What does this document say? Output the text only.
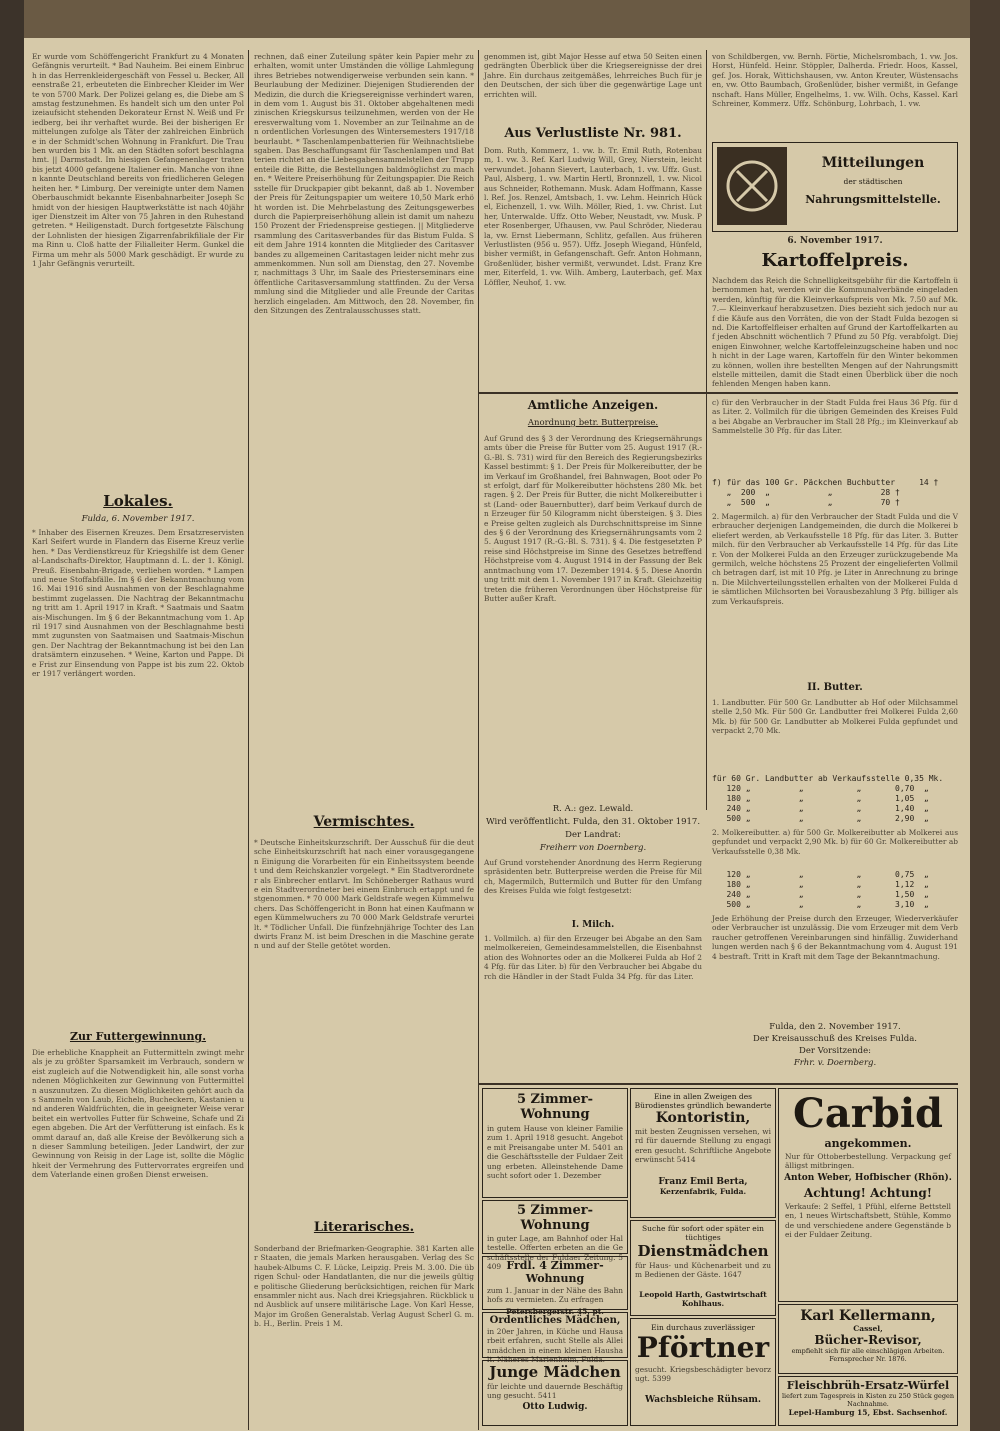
Er wurde vom Schöffengericht Frankfurt zu 4 Monaten Gefängnis verurteilt. * Bad Nauheim. Bei einem Einbruch in das Herrenkleidergeschäft von Fessel u. Becker, Alleenstraße 21, erbeuteten die Einbrecher Kleider im Werte von 5700 Mark. Der Polizei gelang es, die Diebe am Samstag festzunehmen. Es handelt sich um den unter Polizeiaufsicht stehenden Dekorateur Ernst N. Weiß und Friedberg, bei ihr verhaftet wurde. Bei der bisherigen Ermittelungen zufolge als Täter der zahlreichen Einbrüche in der Schmidt'schen Wohnung in Frankfurt. Die Trauben wurden bis 1 Mk. an den Städten sofort beschlagnahmt. || Darmstadt. Im hiesigen Gefangenenlager traten bis jetzt 4000 gefangene Italiener ein. Manche von ihnen kannte Deutschland bereits von friedlicheren Gelegenheiten her. * Limburg. Der vereinigte unter dem Namen Oberbauschmidt bekannte Eisenbahnarbeiter Joseph Schmidt von der hiesigen Hauptwerkstätte ist nach 40jähriger Dienstzeit im Alter von 75 Jahren in den Ruhestand getreten. * Heiligenstadt. Durch fortgesetzte Fälschung der Lohnlisten der hiesigen Zigarrenfabrikfiliale der Firma Rinn u. Cloß hatte der Filialleiter Herm. Gunkel die Firma um mehr als 5000 Mark geschädigt. Er wurde zu 1 Jahr Gefängnis verurteilt.
Lokales.
Fulda, 6. November 1917.
* Inhaber des Eisernen Kreuzes. Dem Ersatzreservisten Karl Seifert wurde in Flandern das Eiserne Kreuz verliehen. * Das Verdienstkreuz für Kriegshilfe ist dem General-Landschafts-Direktor, Hauptmann d. L. der 1. Königl. Preuß. Eisenbahn-Brigade, verliehen worden. * Lampen und neue Stoffabfälle. Im § 6 der Bekanntmachung vom 16. Mai 1916 sind Ausnahmen von der Beschlagnahme bestimmt zugelassen. Die Nachtrag der Bekanntmachung tritt am 1. April 1917 in Kraft. * Saatmais und Saatmais-Mischungen. Im § 6 der Bekanntmachung vom 1. April 1917 sind Ausnahmen von der Beschlagnahme bestimmt zugunsten von Saatmaisen und Saatmais-Mischungen. Der Nachtrag der Bekanntmachung ist bei den Landratsämtern einzusehen. * Weine, Karton und Pappe. Die Frist zur Einsendung von Pappe ist bis zum 22. Oktober 1917 verlängert worden.
Zur Futtergewinnung.
Die erhebliche Knappheit an Futtermitteln zwingt mehr als je zu größter Sparsamkeit im Verbrauch, sondern weist zugleich auf die Notwendigkeit hin, alle sonst vorhandenen Möglichkeiten zur Gewinnung von Futtermitteln auszunutzen. Zu diesen Möglichkeiten gehört auch das Sammeln von Laub, Eicheln, Bucheckern, Kastanien und anderen Waldfrüchten, die in geeigneter Weise verarbeitet ein wertvolles Futter für Schweine, Schafe und Ziegen abgeben. Die Art der Verfütterung ist einfach. Es kommt darauf an, daß alle Kreise der Bevölkerung sich an dieser Sammlung beteiligen. Jeder Landwirt, der zur Gewinnung von Reisig in der Lage ist, sollte die Möglichkeit der Vermehrung des Futtervorrates ergreifen und dem Vaterlande einen großen Dienst erweisen.
rechnen, daß einer Zuteilung später kein Papier mehr zu erhalten, womit unter Umständen die völlige Lahmlegung ihres Betriebes notwendigerweise verbunden sein kann. * Beurlaubung der Mediziner. Diejenigen Studierenden der Medizin, die durch die Kriegsereignisse verhindert waren, in dem vom 1. August bis 31. Oktober abgehaltenen medizinischen Kriegskursus teilzunehmen, werden von der Heeresverwaltung vom 1. November an zur Teilnahme an den ordentlichen Vorlesungen des Wintersemesters 1917/18 beurlaubt. * Taschenlampenbatterien für Weihnachtsliebesgaben. Das Beschaffungsamt für Taschenlampen und Batterien richtet an die Liebesgabensammelstellen der Truppenteile die Bitte, die Bestellungen baldmöglichst zu machen. * Weitere Preiserhöhung für Zeitungspapier. Die Reichsstelle für Druckpapier gibt bekannt, daß ab 1. November der Preis für Zeitungspapier um weitere 10,50 Mark erhöht worden ist. Die Mehrbelastung des Zeitungsgewerbes durch die Papierpreiserhöhung allein ist damit um nahezu 150 Prozent der Friedenspreise gestiegen. || Mitgliederversammlung des Caritasverbandes für das Bistum Fulda. Seit dem Jahre 1914 konnten die Mitglieder des Caritasverbandes zu allgemeinen Caritastagen leider nicht mehr zusammenkommen. Nun soll am Dienstag, den 27. November, nachmittags 3 Uhr, im Saale des Priesterseminars eine öffentliche Caritasversammlung stattfinden. Zu der Versammlung sind die Mitglieder und alle Freunde der Caritas herzlich eingeladen. Am Mittwoch, den 28. November, finden Sitzungen des Zentralausschusses statt.
Vermischtes.
* Deutsche Einheitskurzschrift. Der Ausschuß für die deutsche Einheitskurzschrift hat nach einer vorausgegangenen Einigung die Vorarbeiten für ein Einheitssystem beendet und dem Reichskanzler vorgelegt. * Ein Stadtverordneter als Einbrecher entlarvt. Im Schöneberger Rathaus wurde ein Stadtverordneter bei einem Einbruch ertappt und festgenommen. * 70 000 Mark Geldstrafe wegen Kümmelwuchers. Das Schöffengericht in Bonn hat einen Kaufmann wegen Kümmelwuchers zu 70 000 Mark Geldstrafe verurteilt. * Tödlicher Unfall. Die fünfzehnjährige Tochter des Landwirts Franz M. ist beim Dreschen in die Maschine geraten und auf der Stelle getötet worden.
Literarisches.
Sonderband der Briefmarken-Geographie. 381 Karten aller Staaten, die jemals Marken herausgaben. Verlag des Schaubek-Albums C. F. Lücke, Leipzig. Preis M. 3.00. Die übrigen Schul- oder Handatlanten, die nur die jeweils gültige politische Gliederung berücksichtigen, reichen für Markensammler nicht aus. Nach drei Kriegsjahren. Rückblick und Ausblick auf unsere militärische Lage. Von Karl Hesse, Major im Großen Generalstab. Verlag August Scherl G. m. b. H., Berlin. Preis 1 M.
genommen ist, gibt Major Hesse auf etwa 50 Seiten einen gedrängten Überblick über die Kriegsereignisse der drei Jahre. Ein durchaus zeitgemäßes, lehrreiches Buch für jeden Deutschen, der sich über die gegenwärtige Lage unterrichten will.
Aus Verlustliste Nr. 981.
Dom. Ruth, Kommerz, 1. vw. b. Tr. Emil Ruth, Rotenbaum, 1. vw. 3. Ref. Karl Ludwig Will, Grey, Nierstein, leicht verwundet. Johann Sievert, Lauterbach, 1. vw. Uffz. Gust. Paul, Alsberg, 1. vw. Martin Hertl, Bronnzell, 1. vw. Nicolaus Schneider, Rothemann. Musk. Adam Hoffmann, Kassel. Ref. Jos. Renzel, Amtsbach, 1. vw. Lehm. Heinrich Hückel, Eichenzell, 1. vw. Wilh. Möller, Ried, 1. vw. Christ. Luther, Unterwalde. Uffz. Otto Weber, Neustadt, vw. Musk. Peter Rosenberger, Ufhausen, vw. Paul Schröder, Niederaula, vw. Ernst Liebermann, Schlitz, gefallen. Aus früheren Verlustlisten (956 u. 957). Uffz. Joseph Wiegand, Hünfeld, bisher vermißt, in Gefangenschaft. Gefr. Anton Hohmann, Großenlüder, bisher vermißt, verwundet. Ldst. Franz Kremer, Eiterfeld, 1. vw. Wilh. Amberg, Lauterbach, gef. Max Löffler, Neuhof, 1. vw.
Amtliche Anzeigen.
Anordnung betr. Butterpreise.
Auf Grund des § 3 der Verordnung des Kriegsernährungsamts über die Preise für Butter vom 25. August 1917 (R.-G.-Bl. S. 731) wird für den Bereich des Regierungsbezirks Kassel bestimmt: § 1. Der Preis für Molkereibutter, der beim Verkauf im Großhandel, frei Bahnwagen, Boot oder Post erfolgt, darf für Molkereibutter höchstens 280 Mk. betragen. § 2. Der Preis für Butter, die nicht Molkereibutter ist (Land- oder Bauernbutter), darf beim Verkauf durch den Erzeuger für 50 Kilogramm nicht übersteigen. § 3. Diese Preise gelten zugleich als Durchschnittspreise im Sinne des § 6 der Verordnung des Kriegsernährungsamts vom 25. August 1917 (R.-G.-Bl. S. 731). § 4. Die festgesetzten Preise sind Höchstpreise im Sinne des Gesetzes betreffend Höchstpreise vom 4. August 1914 in der Fassung der Bekanntmachung vom 17. Dezember 1914. § 5. Diese Anordnung tritt mit dem 1. November 1917 in Kraft. Gleichzeitig treten die früheren Verordnungen über Höchstpreise für Butter außer Kraft.
R. A.: gez. Lewald.
Wird veröffentlicht. Fulda, den 31. Oktober 1917.
Der Landrat:
Freiherr von Doernberg.
Auf Grund vorstehender Anordnung des Herrn Regierungspräsidenten betr. Butterpreise werden die Preise für Milch, Magermilch, Buttermilch und Butter für den Umfang des Kreises Fulda wie folgt festgesetzt:
I. Milch.
1. Vollmilch. a) für den Erzeuger bei Abgabe an den Sammelmolkereien, Gemeindesammelstellen, die Eisenbahnstation des Wohnortes oder an die Molkerei Fulda ab Hof 24 Pfg. für das Liter. b) für den Verbraucher bei Abgabe durch die Händler in der Stadt Fulda 34 Pfg. für das Liter.
von Schildbergen, vw. Bernh. Förtie, Michelsrombach, 1. vw. Jos. Horst, Hünfeld. Heinr. Stöppler, Dalherda. Friedr. Hoos, Kassel, gef. Jos. Horak, Wittichshausen, vw. Anton Kreuter, Wüstensachsen, vw. Otto Baumbach, Großenlüder, bisher vermißt, in Gefangenschaft. Hans Müller, Engelhelms, 1. vw. Wilh. Ochs, Kassel. Karl Schreiner, Kommerz. Uffz. Schönburg, Lohrbach, 1. vw.
Mitteilungen
der städtischen
Nahrungsmittelstelle.
6. November 1917.
Kartoffelpreis.
Nachdem das Reich die Schnelligkeitsgebühr für die Kartoffeln übernommen hat, werden wir die Kommunalverbände eingeladen werden, künftig für die Kleinverkaufspreis von Mk. 7.50 auf Mk. 7.— Kleinverkauf herabzusetzen. Dies bezieht sich jedoch nur auf die Käufe aus den Vorräten, die von der Stadt Fulda bezogen sind. Die Kartoffelfleiser erhalten auf Grund der Kartoffelkarten auf jeden Abschnitt wöchentlich 7 Pfund zu 50 Pfg. verabfolgt. Diejenigen Einwohner, welche Kartoffeleinzugscheine haben und noch nicht in der Lage waren, Kartoffeln für den Winter bekommen zu können, wollen ihre bestellten Mengen auf der Nahrungsmittelstelle mitteilen, damit die Stadt einen Überblick über die noch fehlenden Mengen haben kann.
c) für den Verbraucher in der Stadt Fulda frei Haus 36 Pfg. für das Liter. 2. Vollmilch für die übrigen Gemeinden des Kreises Fulda bei Abgabe an Verbraucher im Stall 28 Pfg.; im Kleinverkauf ab Sammelstelle 30 Pfg. für das Liter.
f) für das 100 Gr. Päckchen Buchbutter     14 †
„  200  „            „          28 †
„  500  „            „          70 †
2. Magermilch. a) für den Verbraucher der Stadt Fulda und die Verbraucher derjenigen Landgemeinden, die durch die Molkerei beliefert werden, ab Verkaufsstelle 18 Pfg. für das Liter. 3. Buttermilch. für den Verbraucher ab Verkaufsstelle 14 Pfg. für das Liter. Von der Molkerei Fulda an den Erzeuger zurückzugebende Magermilch, welche höchstens 25 Prozent der eingelieferten Vollmilch betragen darf, ist mit 10 Pfg. je Liter in Anrechnung zu bringen. Die Milchverteilungsstellen erhalten von der Molkerei Fulda die sämtlichen Milchsorten bei Vorausbezahlung 3 Pfg. billiger als zum Verkaufspreis.
II. Butter.
1. Landbutter. Für 500 Gr. Landbutter ab Hof oder Milchsammelstelle 2,50 Mk. Für 500 Gr. Landbutter frei Molkerei Fulda 2,60 Mk. b) für 500 Gr. Landbutter ab Molkerei Fulda gepfundet und verpackt 2,70 Mk.
für 60 Gr. Landbutter ab Verkaufsstelle 0,35 Mk.
120 „          „           „       0,70  „
180 „          „           „       1,05  „
240 „          „           „       1,40  „
500 „          „           „       2,90  „
2. Molkereibutter. a) für 500 Gr. Molkereibutter ab Molkerei ausgepfundet und verpackt 2,90 Mk. b) für 60 Gr. Molkereibutter ab Verkaufsstelle 0,38 Mk.
120 „          „           „       0,75  „
180 „          „           „       1,12  „
240 „          „           „       1,50  „
500 „          „           „       3,10  „
Jede Erhöhung der Preise durch den Erzeuger, Wiederverkäufer oder Verbraucher ist unzulässig. Die vom Erzeuger mit dem Verbraucher getroffenen Vereinbarungen sind hinfällig. Zuwiderhandlungen werden nach § 6 der Bekanntmachung vom 4. August 1914 bestraft. Tritt in Kraft mit dem Tage der Bekanntmachung.
Fulda, den 2. November 1917.
Der Kreisausschuß des Kreises Fulda.
Der Vorsitzende:
Frhr. v. Doernberg.
5 Zimmer-Wohnung
in gutem Hause von kleiner Familie zum 1. April 1918 gesucht. Angebote mit Preisangabe unter M. 5401 an die Geschäftsstelle der Fuldaer Zeitung erbeten. Alleinstehende Dame sucht sofort oder 1. Dezember
5 Zimmer-Wohnung
in guter Lage, am Bahnhof oder Haltestelle. Offerten erbeten an die Geschäftsstelle der Fuldaer Zeitung. 5409 Frdl. 4 Zimmer-Wohnung
zum 1. Januar in der Nähe des Bahnhofs zu vermieten. Zu erfragen
Petersbergerstr. 45, pt.
Ordentliches Mädchen,
in 20er Jahren, in Küche und Hausarbeit erfahren, sucht Stelle als Alleinmädchen in einem kleinen Haushalt. Näheres Marienheim, Fulda.
Junge Mädchen
für leichte und dauernde Beschäftigung gesucht. 5411
Otto Ludwig.
Eine in allen Zweigen des Bürodienstes gründlich bewanderte
Kontoristin,
mit besten Zeugnissen versehen, wird für dauernde Stellung zu engagieren gesucht. Schriftliche Angebote erwünscht 5414
Franz Emil Berta,
Kerzenfabrik, Fulda.
Suche für sofort oder später ein tüchtiges
Dienstmädchen
für Haus- und Küchenarbeit und zum Bedienen der Gäste. 1647
Leopold Harth, Gastwirtschaft Kohlhaus.
Ein durchaus zuverlässiger
Pförtner
gesucht. Kriegsbeschädigter bevorzugt. 5399
Wachsbleiche Rühsam.
Carbid
angekommen.
Nur für Ottoberbestellung. Verpackung gefälligst mitbringen.
Anton Weber, Hofbischer (Rhön).
Achtung! Achtung!
Verkaufe: 2 Seffel, 1 Pfühl, elferne Bettstellen, 1 neues Wirtschaftsbett, Stühle, Kommode und verschiedene andere Gegenstände bei der Fuldaer Zeitung.
Karl Kellermann,
Cassel,
Bücher-Revisor,
empfiehlt sich für alle einschlägigen Arbeiten. Fernsprecher Nr. 1876.
Fleischbrüh-Ersatz-Würfel
liefert zum Tagespreis in Kisten zu 250 Stück gegen Nachnahme.
Lepel-Hamburg 15, Ebst. Sachsenhof.
